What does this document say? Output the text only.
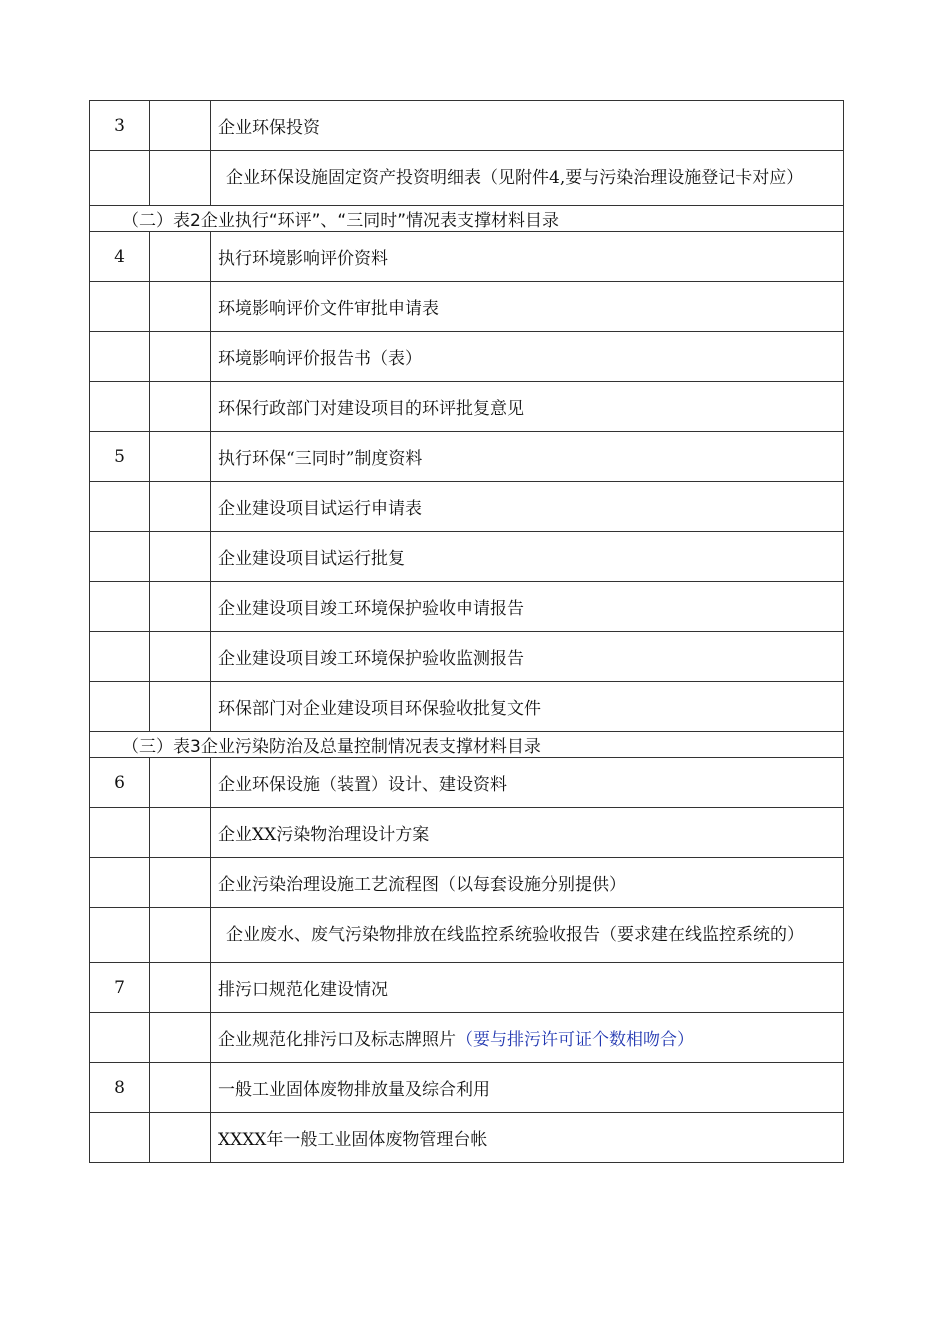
3		企业环保投资
		企业环保设施固定资产投资明细表（见附件4,要与污染治理设施登记卡对应）
（二）表2企业执行“环评”、“三同时”情况表支撑材料目录		
4		执行环境影响评价资料
		环境影响评价文件审批申请表
		环境影响评价报告书（表）
		环保行政部门对建设项目的环评批复意见
5		执行环保“三同时”制度资料
		企业建设项目试运行申请表
		企业建设项目试运行批复
		企业建设项目竣工环境保护验收申请报告
		企业建设项目竣工环境保护验收监测报告
		环保部门对企业建设项目环保验收批复文件
（三）表3企业污染防治及总量控制情况表支撑材料目录		
6		企业环保设施（装置）设计、建设资料
		企业XX污染物治理设计方案
		企业污染治理设施工艺流程图（以每套设施分别提供）
		企业废水、废气污染物排放在线监控系统验收报告（要求建在线监控系统的）
7		排污口规范化建设情况
		企业规范化排污口及标志牌照片（要与排污许可证个数相吻合）
8		一般工业固体废物排放量及综合利用
		XXXX年一般工业固体废物管理台帐
